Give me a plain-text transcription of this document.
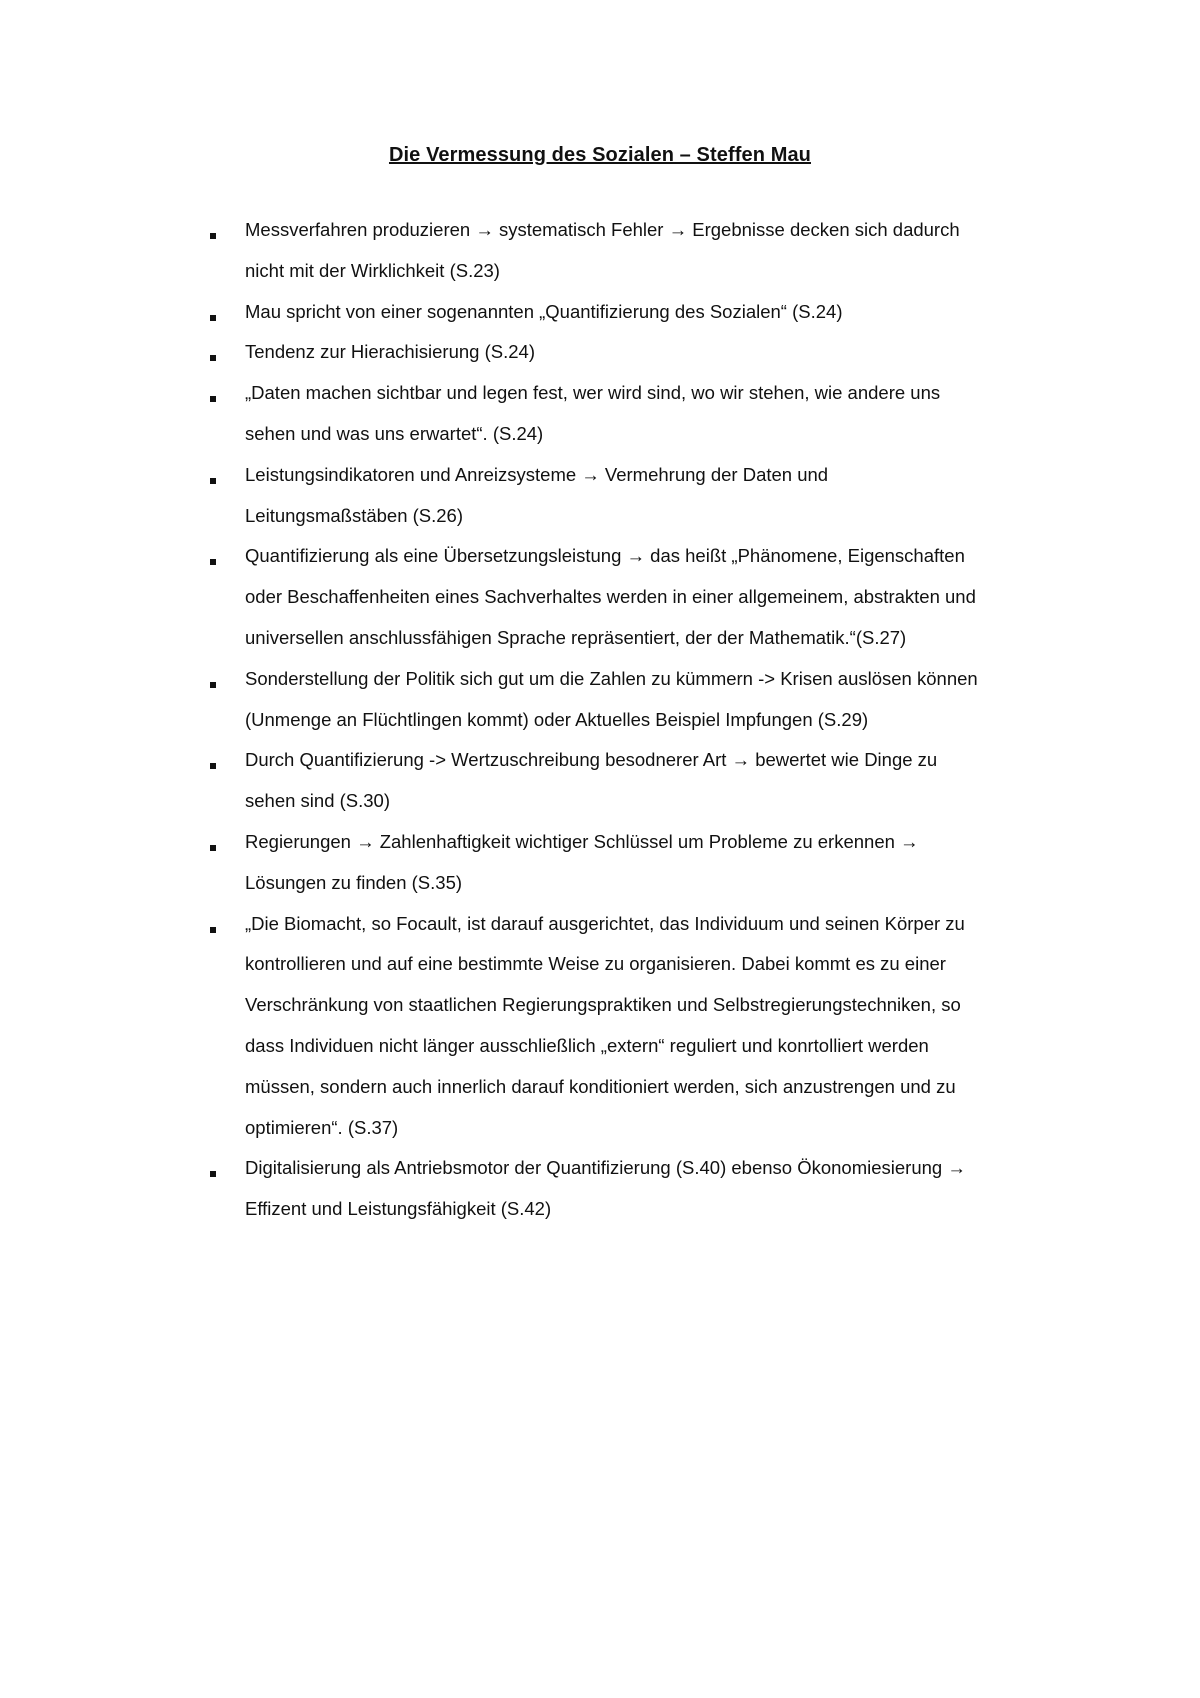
Die Vermessung des Sozialen – Steffen Mau
Messverfahren produzieren → systematisch Fehler → Ergebnisse decken sich dadurch
nicht mit der Wirklichkeit (S.23)
Mau spricht von einer sogenannten „Quantifizierung des Sozialen“ (S.24)
Tendenz zur Hierachisierung (S.24)
„Daten machen sichtbar und legen fest, wer wird sind, wo wir stehen, wie andere uns
sehen und was uns erwartet“. (S.24)
Leistungsindikatoren und Anreizsysteme → Vermehrung der Daten und
Leitungsmaßstäben (S.26)
Quantifizierung als eine Übersetzungsleistung → das heißt „Phänomene, Eigenschaften
oder Beschaffenheiten eines Sachverhaltes werden in einer allgemeinem, abstrakten und
universellen anschlussfähigen Sprache repräsentiert, der der Mathematik.“(S.27)
Sonderstellung der Politik sich gut um die Zahlen zu kümmern -> Krisen auslösen können
(Unmenge an Flüchtlingen kommt) oder Aktuelles Beispiel Impfungen (S.29)
Durch Quantifizierung -> Wertzuschreibung besodnerer Art → bewertet wie Dinge zu
sehen sind (S.30)
Regierungen → Zahlenhaftigkeit wichtiger Schlüssel um Probleme zu erkennen →
Lösungen zu finden (S.35)
„Die Biomacht, so Focault, ist darauf ausgerichtet, das Individuum und seinen Körper zu
kontrollieren und auf eine bestimmte Weise zu organisieren. Dabei kommt es zu einer
Verschränkung von staatlichen Regierungspraktiken und Selbstregierungstechniken, so
dass Individuen nicht länger ausschließlich „extern“ reguliert und konrtolliert werden
müssen, sondern auch innerlich darauf konditioniert werden, sich anzustrengen und zu
optimieren“. (S.37)
Digitalisierung als Antriebsmotor der Quantifizierung (S.40) ebenso Ökonomiesierung →
Effizent und Leistungsfähigkeit (S.42)
